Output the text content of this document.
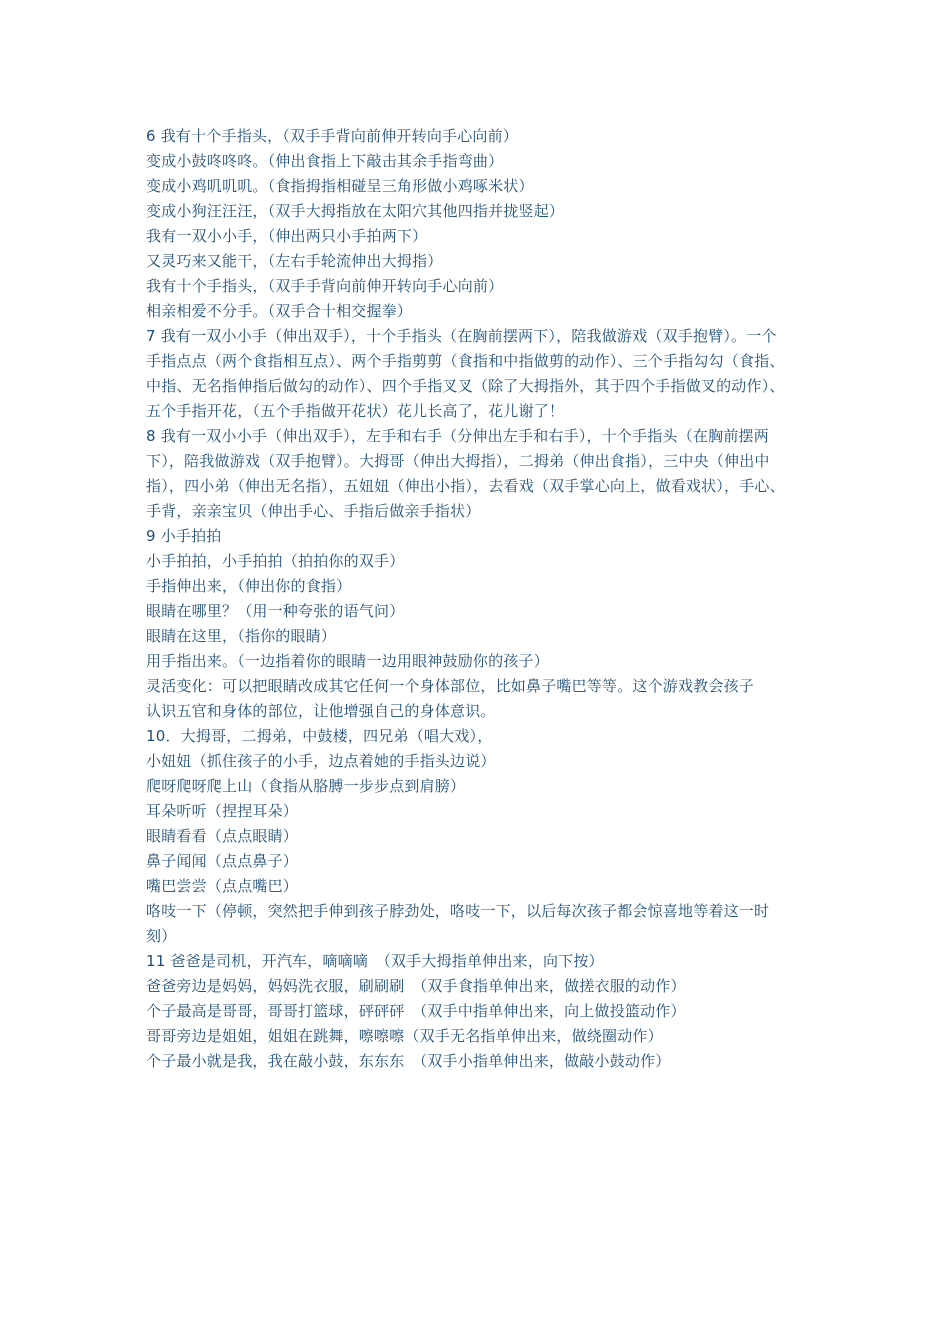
6 我有十个手指头，（双手手背向前伸开转向手心向前）
变成小鼓咚咚咚。（伸出食指上下敲击其余手指弯曲）
变成小鸡叽叽叽。（食指拇指相碰呈三角形做小鸡啄米状）
变成小狗汪汪汪，（双手大拇指放在太阳穴其他四指并拢竖起）
我有一双小小手，（伸出两只小手拍两下）
又灵巧来又能干，（左右手轮流伸出大拇指）
我有十个手指头，（双手手背向前伸开转向手心向前）
相亲相爱不分手。（双手合十相交握拳）
7 我有一双小小手（伸出双手），十个手指头（在胸前摆两下），陪我做游戏（双手抱臂）。一个
手指点点（两个食指相互点）、两个手指剪剪（食指和中指做剪的动作）、三个手指勾勾（食指、
中指、无名指伸指后做勾的动作）、四个手指叉叉（除了大拇指外，其于四个手指做叉的动作）、
五个手指开花，（五个手指做开花状）花儿长高了，花儿谢了！
8 我有一双小小手（伸出双手），左手和右手（分伸出左手和右手），十个手指头（在胸前摆两
下），陪我做游戏（双手抱臂）。大拇哥（伸出大拇指），二拇弟（伸出食指），三中央（伸出中
指），四小弟（伸出无名指），五妞妞（伸出小指），去看戏（双手掌心向上，做看戏状），手心、
手背，亲亲宝贝（伸出手心、手指后做亲手指状）
9 小手拍拍
小手拍拍，小手拍拍（拍拍你的双手）
手指伸出来，（伸出你的食指）
眼睛在哪里？（用一种夸张的语气问）
眼睛在这里，（指你的眼睛）
用手指出来。（一边指着你的眼睛一边用眼神鼓励你的孩子）
灵活变化：可以把眼睛改成其它任何一个身体部位，比如鼻子嘴巴等等。这个游戏教会孩子
认识五官和身体的部位，让他增强自己的身体意识。
10．大拇哥，二拇弟，中鼓楼，四兄弟（唱大戏），
小妞妞（抓住孩子的小手，边点着她的手指头边说）
爬呀爬呀爬上山（食指从胳膊一步步点到肩膀）
耳朵听听（捏捏耳朵）
眼睛看看（点点眼睛）
鼻子闻闻（点点鼻子）
嘴巴尝尝（点点嘴巴）
咯吱一下（停顿，突然把手伸到孩子脖劲处，咯吱一下，以后每次孩子都会惊喜地等着这一时
刻）
11 爸爸是司机，开汽车，嘀嘀嘀　（双手大拇指单伸出来，向下按）
爸爸旁边是妈妈，妈妈洗衣服，刷刷刷　（双手食指单伸出来，做搓衣服的动作）
个子最高是哥哥，哥哥打篮球，砰砰砰　（双手中指单伸出来，向上做投篮动作）
哥哥旁边是姐姐，姐姐在跳舞，嚓嚓嚓（双手无名指单伸出来，做绕圈动作）
个子最小就是我，我在敲小鼓，东东东　（双手小指单伸出来，做敲小鼓动作）
